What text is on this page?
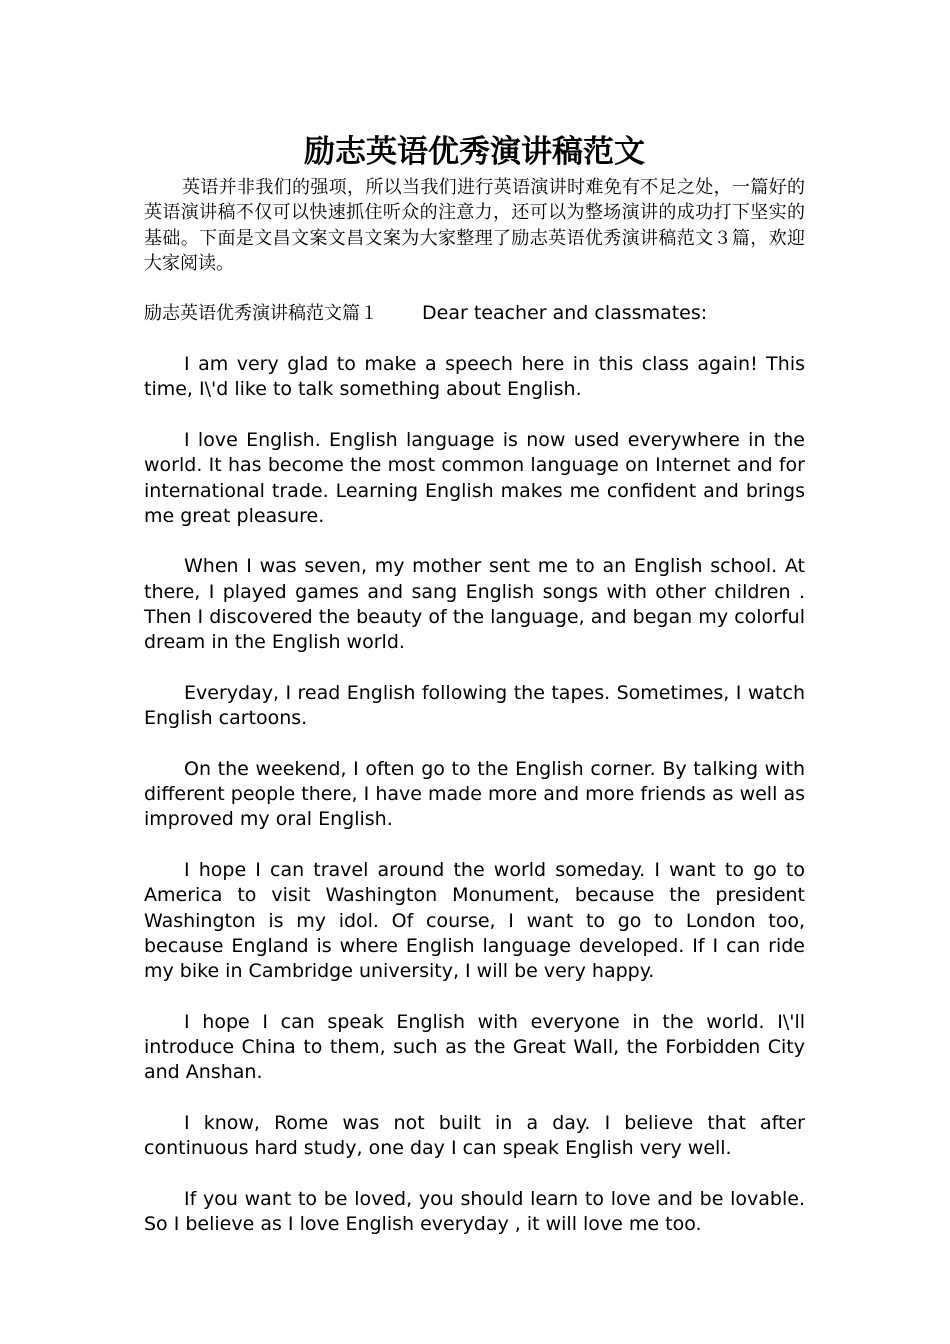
励志英语优秀演讲稿范文

英语并非我们的强项，所以当我们进行英语演讲时难免有不足之处，一篇好的英语演讲稿不仅可以快速抓住听众的注意力，还可以为整场演讲的成功打下坚实的基础。下面是文昌文案文昌文案为大家整理了励志英语优秀演讲稿范文３篇，欢迎大家阅读。

励志英语优秀演讲稿范文篇１ Dear teacher and classmates:

I am very glad to make a speech here in this class again! This time, I\'d like to talk something about English.

I love English. English language is now used everywhere in the world. It has become the most common language on Internet and for international trade. Learning English makes me confident and brings me great pleasure.

When I was seven, my mother sent me to an English school. At there, I played games and sang English songs with other children . Then I discovered the beauty of the language, and began my colorful dream in the English world.

Everyday, I read English following the tapes. Sometimes, I watch English cartoons.

On the weekend, I often go to the English corner. By talking with different people there, I have made more and more friends as well as improved my oral English.

I hope I can travel around the world someday. I want to go to America to visit Washington Monument, because the president Washington is my idol. Of course, I want to go to London too, because England is where English language developed. If I can ride my bike in Cambridge university, I will be very happy.

I hope I can speak English with everyone in the world. I\'ll introduce China to them, such as the Great Wall, the Forbidden City and Anshan.

I know, Rome was not built in a day. I believe that after continuous hard study, one day I can speak English very well.

If you want to be loved, you should learn to love and be lovable. So I believe as I love English everyday , it will love me too.
